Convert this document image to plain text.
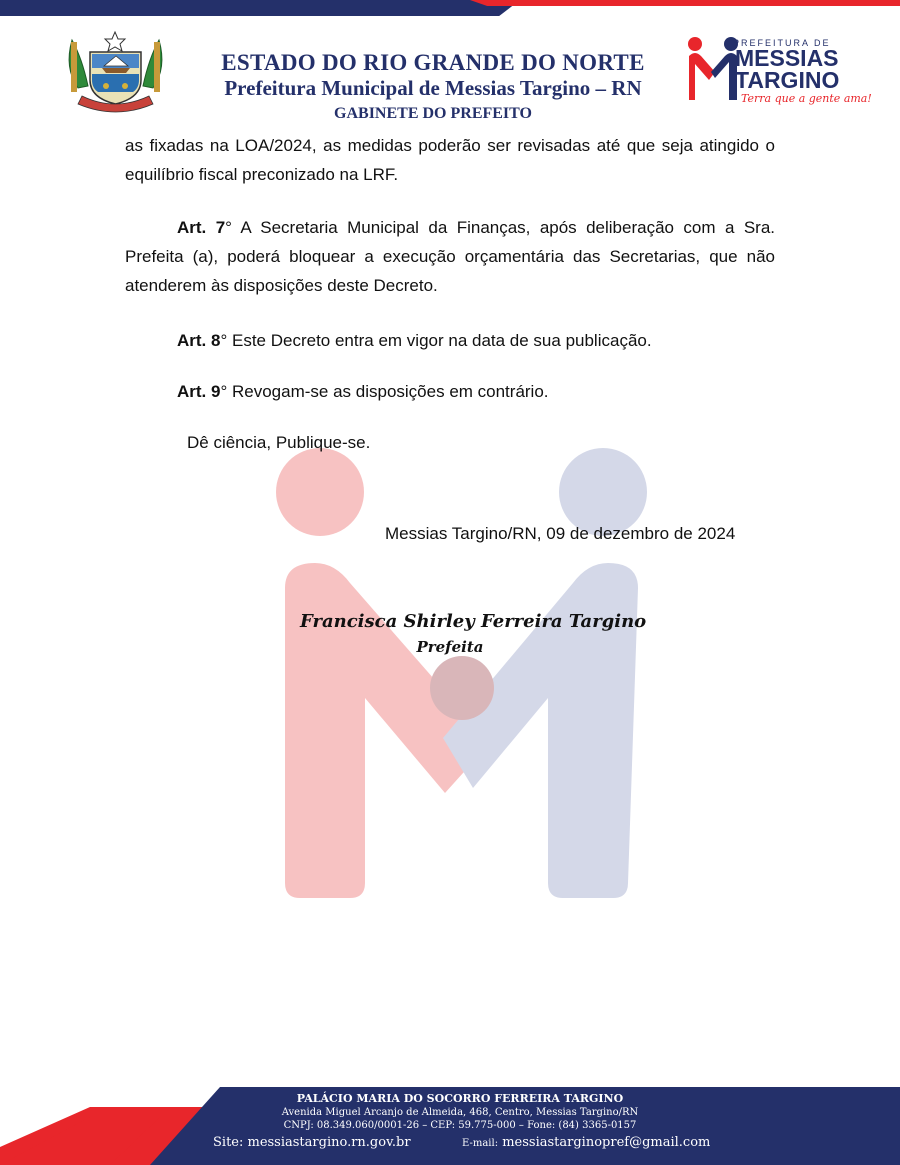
ESTADO DO RIO GRANDE DO NORTE
Prefeitura Municipal de Messias Targino – RN
GABINETE DO PREFEITO
PREFEITURA DE
MESSIAS
TARGINO
Terra que a gente ama!
as fixadas na LOA/2024, as medidas poderão ser revisadas até que seja atingido o equilíbrio fiscal preconizado na LRF.
Art. 7° A Secretaria Municipal da Finanças, após deliberação com a Sra. Prefeita (a), poderá bloquear a execução orçamentária das Secretarias, que não atenderem às disposições deste Decreto.
Art. 8° Este Decreto entra em vigor na data de sua publicação.
Art. 9° Revogam-se as disposições em contrário.
Dê ciência, Publique-se.
Messias Targino/RN, 09 de dezembro de 2024
Francisca Shirley Ferreira Targino
Prefeita
PALÁCIO MARIA DO SOCORRO FERREIRA TARGINO
Avenida Miguel Arcanjo de Almeida, 468, Centro, Messias Targino/RN
CNPJ: 08.349.060/0001-26 – CEP: 59.775-000 – Fone: (84) 3365-0157
Site: messiastargino.rn.gov.br	E-mail: messiastarginopref@gmail.com
